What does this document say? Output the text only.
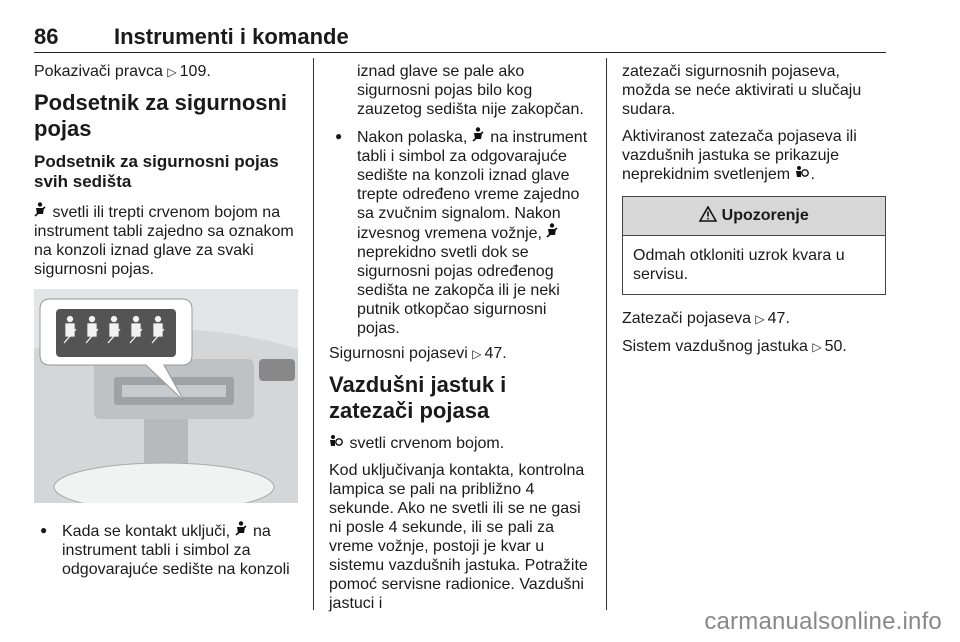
86	Instrumenti i komande

Pokazivači pravca ▷ 109.

Podsetnik za sigurnosni pojas
Podsetnik za sigurnosni pojas svih sedišta

svetli ili trepti crvenom bojom na instrument tabli zajedno sa oznakom na konzoli iznad glave za svaki sigurnosni pojas.

● Kada se kontakt uključi, na instrument tabli i simbol za odgovarajuće sedište na konzoli

iznad glave se pale ako sigurnosni pojas bilo kog zauzetog sedišta nije zakopčan.

● Nakon polaska, na instrument tabli i simbol za odgovarajuće sedište na konzoli iznad glave trepte određeno vreme zajedno sa zvučnim signalom. Nakon izvesnog vremena vožnje,  neprekidno svetli dok se sigurnosni pojas određenog sedišta ne zakopča ili je neki putnik otkopčao sigurnosni pojas.

Sigurnosni pojasevi ▷ 47.

Vazdušni jastuk i zatezači pojasa

svetli crvenom bojom.

Kod uključivanja kontakta, kontrolna lampica se pali na približno 4 sekunde. Ako ne svetli ili se ne gasi ni posle 4 sekunde, ili se pali za vreme vožnje, postoji je kvar u sistemu vazdušnih jastuka. Potražite pomoć servisne radionice. Vazdušni jastuci i

zatezači sigurnosnih pojaseva, možda se neće aktivirati u slučaju sudara.

Aktiviranost zatezača pojaseva ili vazdušnih jastuka se prikazuje neprekidnim svetlenjem .

Upozorenje
Odmah otkloniti uzrok kvara u servisu.

Zatezači pojaseva ▷ 47.

Sistem vazdušnog jastuka ▷ 50.

carmanualsonline.info
